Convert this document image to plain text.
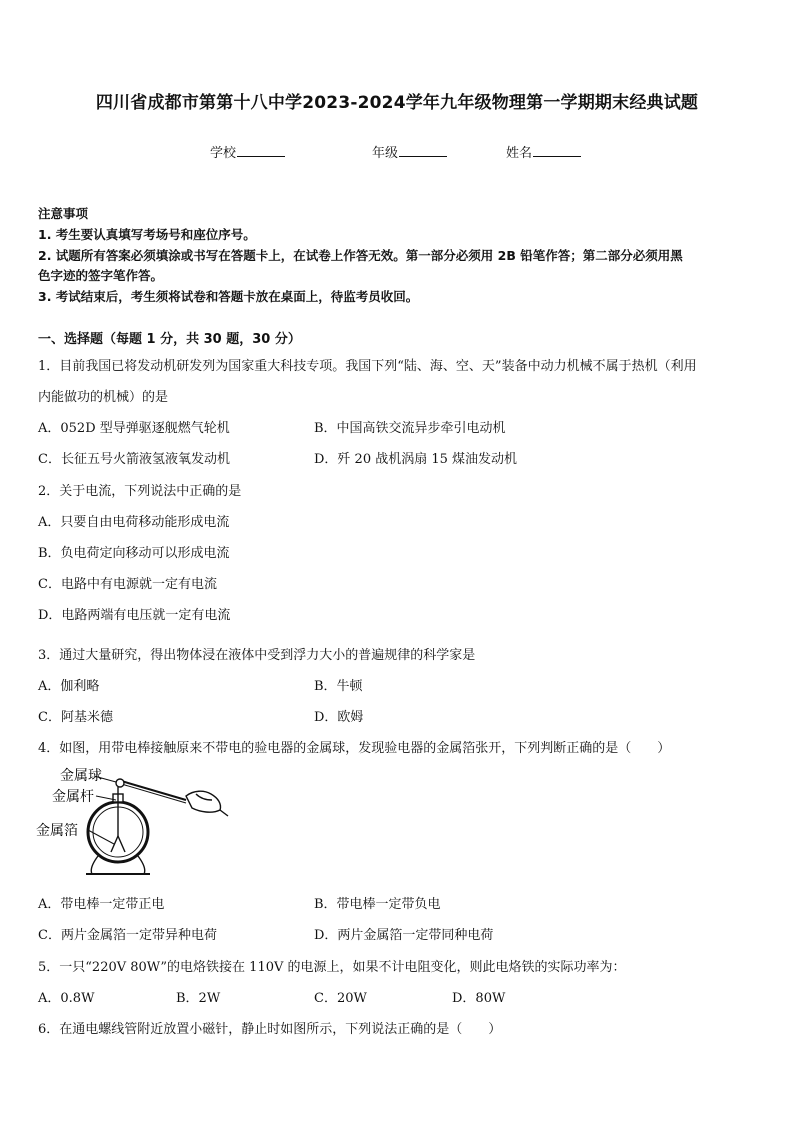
四川省成都市第第十八中学2023-2024学年九年级物理第一学期期末经典试题
学校	年级	姓名
注意事项
1. 考生要认真填写考场号和座位序号。
2. 试题所有答案必须填涂或书写在答题卡上，在试卷上作答无效。第一部分必须用 2B 铅笔作答；第二部分必须用黑
色字迹的签字笔作答。
3. 考试结束后，考生须将试卷和答题卡放在桌面上，待监考员收回。
一、选择题（每题 1 分，共 30 题，30 分）
1．目前我国已将发动机研发列为国家重大科技专项。我国下列“陆、海、空、天”装备中动力机械不属于热机（利用
内能做功的机械）的是
A．052D 型导弹驱逐舰燃气轮机	B．中国高铁交流异步牵引电动机
C．长征五号火箭液氢液氧发动机	D．歼 20 战机涡扇 15 煤油发动机
2．关于电流，下列说法中正确的是
A．只要自由电荷移动能形成电流
B．负电荷定向移动可以形成电流
C．电路中有电源就一定有电流
D．电路两端有电压就一定有电流
3．通过大量研究，得出物体浸在液体中受到浮力大小的普遍规律的科学家是
A．伽利略	B．牛顿
C．阿基米德	D．欧姆
4．如图，用带电棒接触原来不带电的验电器的金属球，发现验电器的金属箔张开，下列判断正确的是（　　）
金属球
金属杆
金属箔
A．带电棒一定带正电	B．带电棒一定带负电
C．两片金属箔一定带异种电荷	D．两片金属箔一定带同种电荷
5．一只“220V 80W”的电烙铁接在 110V 的电源上，如果不计电阻变化，则此电烙铁的实际功率为：
A．0.8W	B．2W	C．20W	D．80W
6．在通电螺线管附近放置小磁针，静止时如图所示，下列说法正确的是（　　）
